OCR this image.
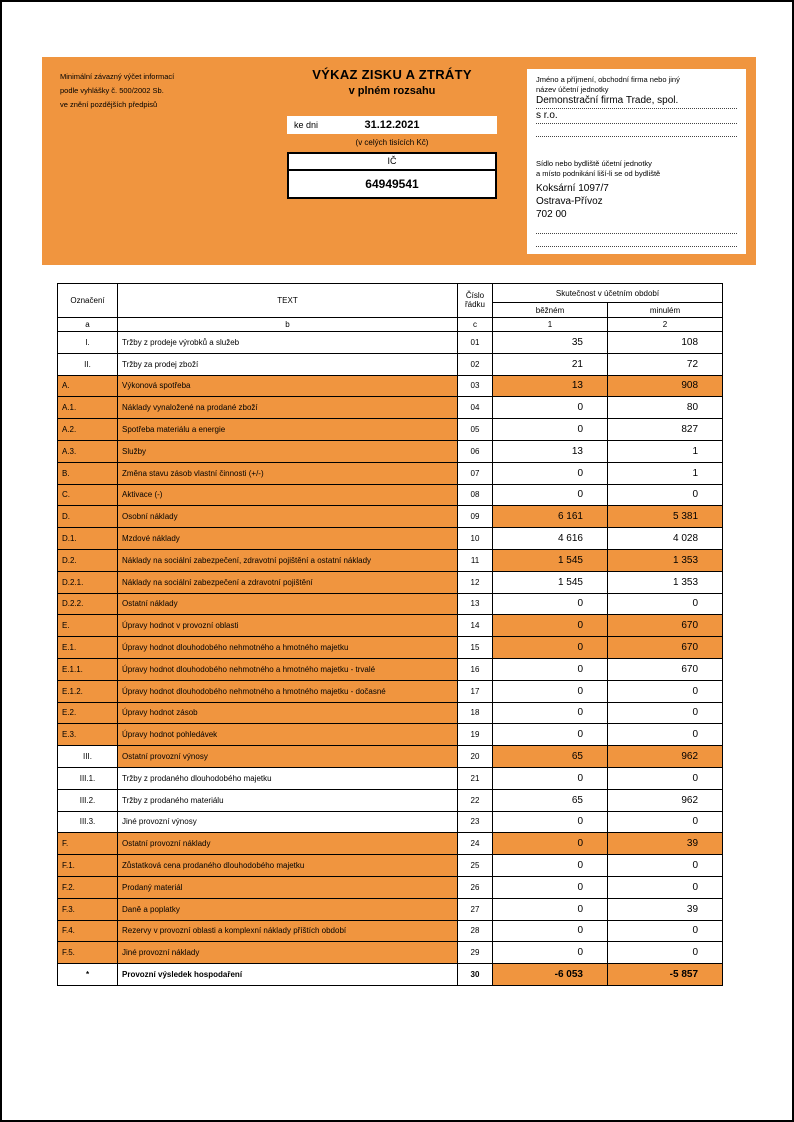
Minimální závazný výčet informací
podle vyhlášky č. 500/2002 Sb.
ve znění pozdějších předpisů
VÝKAZ ZISKU A ZTRÁTY
v plném rozsahu
ke dni	31.12.2021
(v celých tisících Kč)
IČ
64949541
Jméno a příjmení, obchodní firma nebo jiný
název účetní jednotky
Demonstrační firma Trade, spol.
s r.o.
Sídlo nebo bydliště účetní jednotky
a místo podnikání liší-li se od bydliště
Koksární 1097/7
Ostrava-Přívoz
702 00
Označení	TEXT	Číslo řádku	Skutečnost v účetním období	
			běžném	minulém
a	b	c	1	2
I.	Tržby z prodeje výrobků a služeb	01	35	108
II.	Tržby za prodej zboží	02	21	72
A.	Výkonová spotřeba	03	13	908
A.1.	Náklady vynaložené na prodané zboží	04	0	80
A.2.	Spotřeba materiálu a energie	05	0	827
A.3.	Služby	06	13	1
B.	Změna stavu zásob vlastní činnosti (+/-)	07	0	1
C.	Aktivace (-)	08	0	0
D.	Osobní náklady	09	6 161	5 381
D.1.	Mzdové náklady	10	4 616	4 028
D.2.	Náklady na sociální zabezpečení, zdravotní pojištění a ostatní náklady	11	1 545	1 353
D.2.1.	Náklady na sociální zabezpečení a zdravotní pojištění	12	1 545	1 353
D.2.2.	Ostatní náklady	13	0	0
E.	Úpravy hodnot v provozní oblasti	14	0	670
E.1.	Úpravy hodnot dlouhodobého nehmotného a hmotného majetku	15	0	670
E.1.1.	Úpravy hodnot dlouhodobého nehmotného a hmotného majetku - trvalé	16	0	670
E.1.2.	Úpravy hodnot dlouhodobého nehmotného a hmotného majetku - dočasné	17	0	0
E.2.	Úpravy hodnot zásob	18	0	0
E.3.	Úpravy hodnot pohledávek	19	0	0
III.	Ostatní provozní výnosy	20	65	962
III.1.	Tržby z prodaného dlouhodobého majetku	21	0	0
III.2.	Tržby z prodaného materiálu	22	65	962
III.3.	Jiné provozní výnosy	23	0	0
F.	Ostatní provozní náklady	24	0	39
F.1.	Zůstatková cena prodaného dlouhodobého majetku	25	0	0
F.2.	Prodaný materiál	26	0	0
F.3.	Daně a poplatky	27	0	39
F.4.	Rezervy v provozní oblasti a komplexní náklady příštích období	28	0	0
F.5.	Jiné provozní náklady	29	0	0
*	Provozní výsledek hospodaření	30	-6 053	-5 857
